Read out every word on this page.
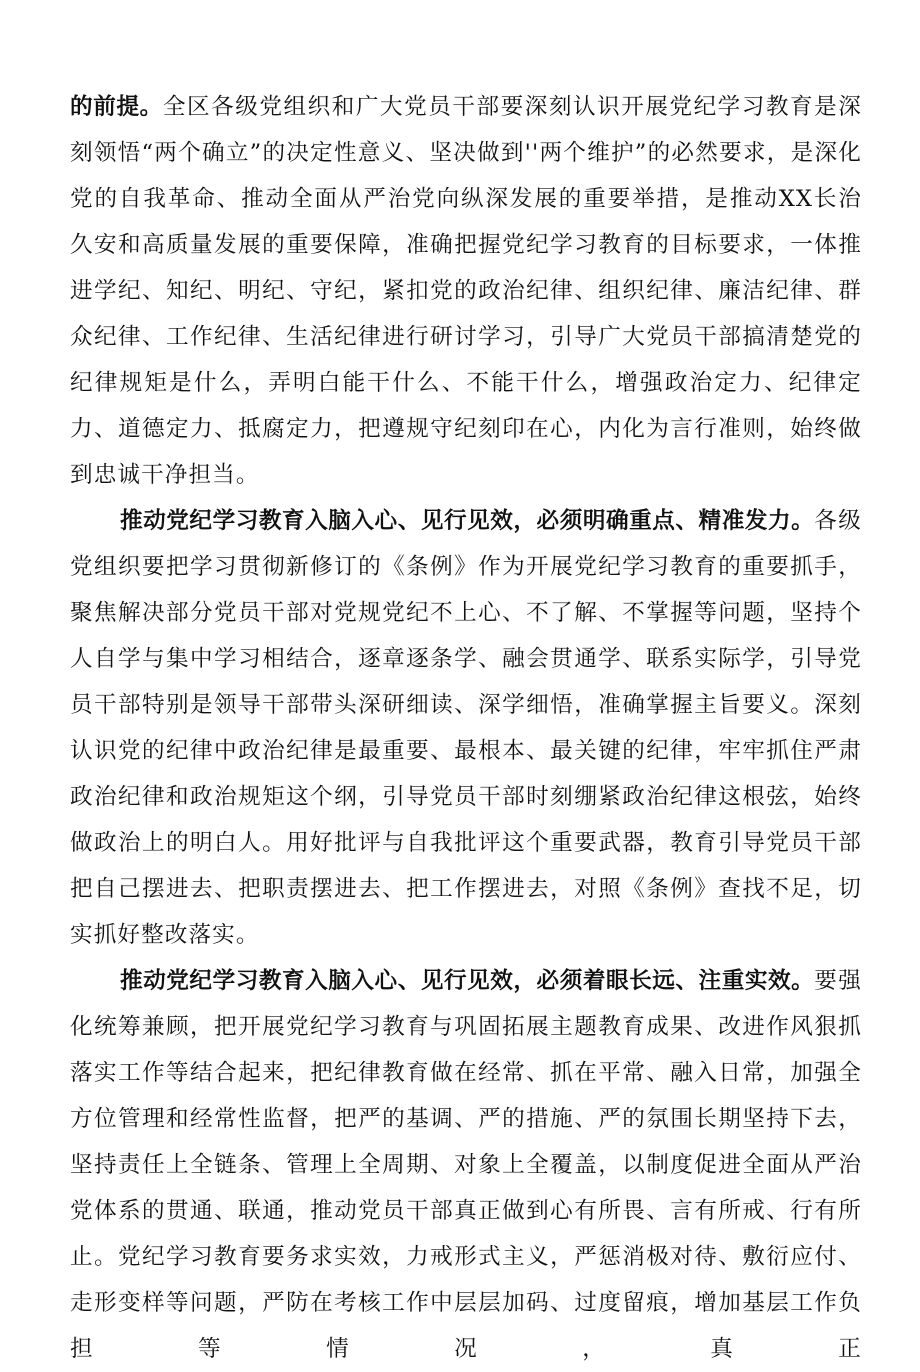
的前提。全区各级党组织和广大党员干部要深刻认识开展党纪学习教育是深刻领悟“两个确立”的决定性意义、坚决做到''两个维护”的必然要求，是深化党的自我革命、推动全面从严治党向纵深发展的重要举措，是推动XX长治久安和高质量发展的重要保障，准确把握党纪学习教育的目标要求，一体推进学纪、知纪、明纪、守纪，紧扣党的政治纪律、组织纪律、廉洁纪律、群众纪律、工作纪律、生活纪律进行研讨学习，引导广大党员干部搞清楚党的纪律规矩是什么，弄明白能干什么、不能干什么，增强政治定力、纪律定力、道德定力、抵腐定力，把遵规守纪刻印在心，内化为言行准则，始终做到忠诚干净担当。

推动党纪学习教育入脑入心、见行见效，必须明确重点、精准发力。各级党组织要把学习贯彻新修订的《条例》作为开展党纪学习教育的重要抓手，聚焦解决部分党员干部对党规党纪不上心、不了解、不掌握等问题，坚持个人自学与集中学习相结合，逐章逐条学、融会贯通学、联系实际学，引导党员干部特别是领导干部带头深研细读、深学细悟，准确掌握主旨要义。深刻认识党的纪律中政治纪律是最重要、最根本、最关键的纪律，牢牢抓住严肃政治纪律和政治规矩这个纲，引导党员干部时刻绷紧政治纪律这根弦，始终做政治上的明白人。用好批评与自我批评这个重要武器，教育引导党员干部把自己摆进去、把职责摆进去、把工作摆进去，对照《条例》查找不足，切实抓好整改落实。

推动党纪学习教育入脑入心、见行见效，必须着眼长远、注重实效。要强化统筹兼顾，把开展党纪学习教育与巩固拓展主题教育成果、改进作风狠抓落实工作等结合起来，把纪律教育做在经常、抓在平常、融入日常，加强全方位管理和经常性监督，把严的基调、严的措施、严的氛围长期坚持下去，坚持责任上全链条、管理上全周期、对象上全覆盖，以制度促进全面从严治党体系的贯通、联通，推动党员干部真正做到心有所畏、言有所戒、行有所止。党纪学习教育要务求实效，力戒形式主义，严惩消极对待、敷衍应付、走形变样等问题，严防在考核工作中层层加码、过度留痕，增加基层工作负担等情况，真正
